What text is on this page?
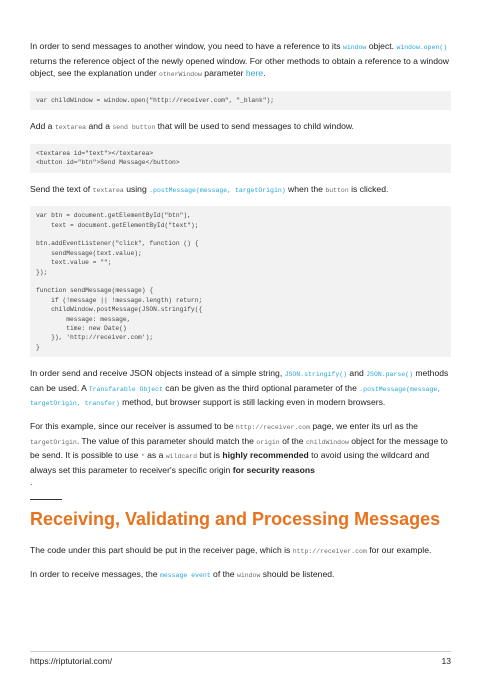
In order to send messages to another window, you need to have a reference to its window object. window.open() returns the reference object of the newly opened window. For other methods to obtain a reference to a window object, see the explanation under otherWindow parameter here.

var childWindow = window.open("http://receiver.com", "_blank");

Add a textarea and a send button that will be used to send messages to child window.

<textarea id="text"></textarea>
<button id="btn">Send Message</button>

Send the text of textarea using .postMessage(message, targetOrigin) when the button is clicked.

var btn = document.getElementById("btn"),
text = document.getElementById("text");

btn.addEventListener("click", function () {
sendMessage(text.value);
text.value = "";
});

function sendMessage(message) {
if (!message || !message.length) return;
childWindow.postMessage(JSON.stringify({
message: message,
time: new Date()
}), 'http://receiver.com');
}

In order send and receive JSON objects instead of a simple string, JSON.stringify() and JSON.parse() methods can be used. A Transfarable Object can be given as the third optional parameter of the .postMessage(message, targetOrigin, transfer) method, but browser support is still lacking even in modern browsers.

For this example, since our receiver is assumed to be http://receiver.com page, we enter its url as the targetOrigin. The value of this parameter should match the origin of the childWindow object for the message to be send. It is possible to use * as a wildcard but is highly recommended to avoid using the wildcard and always set this parameter to receiver's specific origin for security reasons
.

Receiving, Validating and Processing Messages

The code under this part should be put in the receiver page, which is http://receiver.com for our example.

In order to receive messages, the message event of the window should be listened.

https://riptutorial.com/	13
